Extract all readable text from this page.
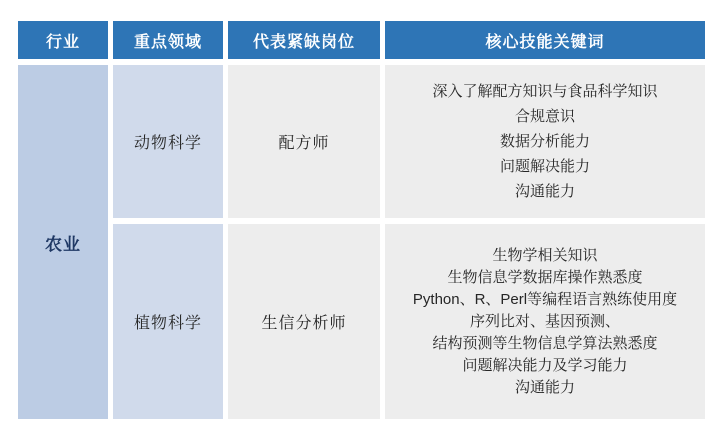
行业	重点领域	代表紧缺岗位	核心技能关键词
农业
动物科学	配方师
深入了解配方知识与食品科学知识
合规意识
数据分析能力
问题解决能力
沟通能力
植物科学	生信分析师
生物学相关知识
生物信息学数据库操作熟悉度
Python、R、Perl等编程语言熟练使用度
序列比对、基因预测、
结构预测等生物信息学算法熟悉度
问题解决能力及学习能力
沟通能力
